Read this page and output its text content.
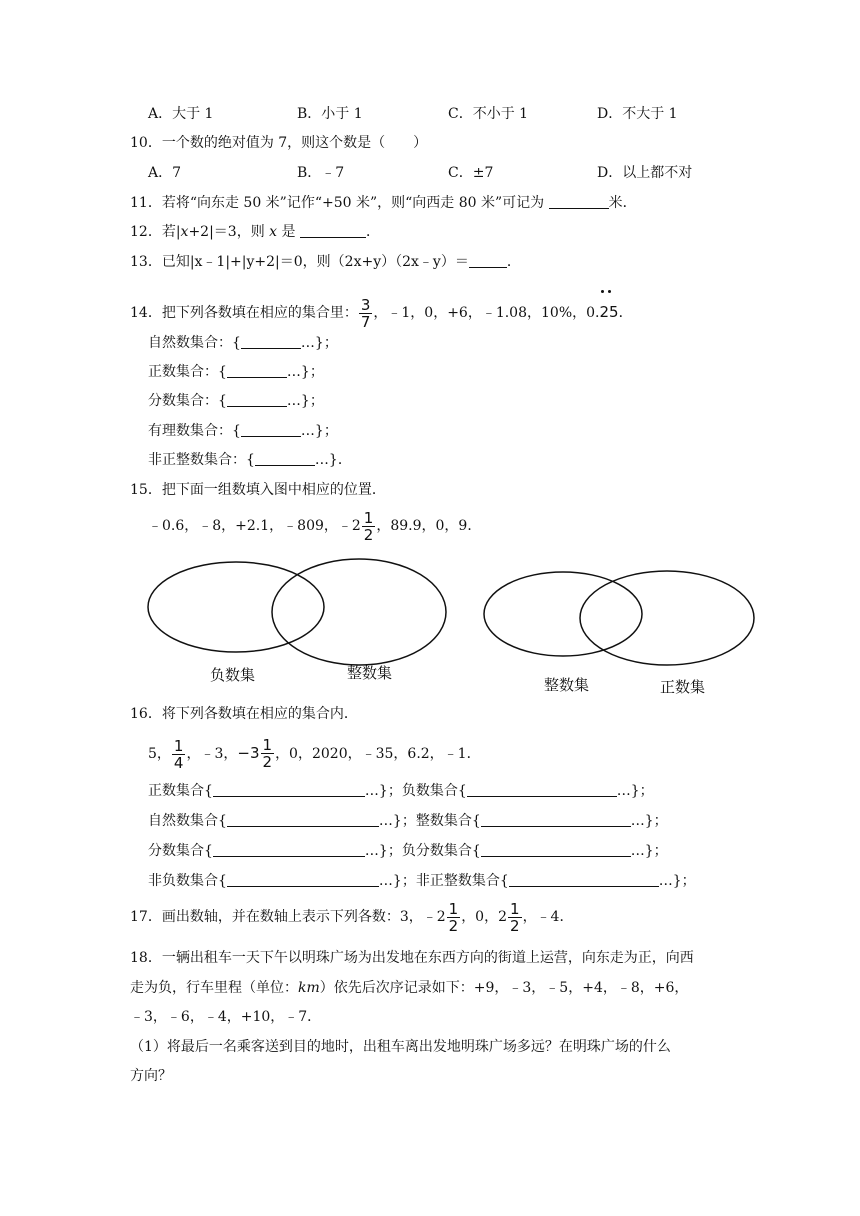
A．大于 1	B．小于 1	C．不小于 1	D．不大于 1
10．一个数的绝对值为 7，则这个数是（　　）
A．7	B．﹣7	C．±7	D．以上都不对
11．若将“向东走 50 米”记作“+50 米”，则“向西走 80 米”可记为	米．
12．若|x+2|＝3，则 x 是	．
13．已知|x﹣1|+|y+2|＝0，则（2x+y）（2x﹣y）＝	．
14．把下列各数填在相应的集合里： $\frac{3}{7}$ ，﹣1，0，+6，﹣1.08，10%，0.
25．
自然数集合：{	…}；
正数集合：{	…}；
分数集合：{	…}；
有理数集合：{	…}；
非正整数集合：{	…}．
15．把下面一组数填入图中相应的位置．
﹣0.6，﹣8，+2.1，﹣809，﹣2 $\frac{1}{2}$ ，89.9，0，9．
负数集	整数集
整数集	正数集
16．将下列各数填在相应的集合内．
5， $\frac{1}{4}$ ，﹣3， $-3 \frac{1}{2}$ ，0，2020，﹣35，6.2，﹣1．
正数集合{	…}；负数集合{	…}；
自然数集合{	…}；整数集合{	…}；
分数集合{	…}；负分数集合{	…}；
非负数集合{	…}；非正整数集合{	…}；
17．画出数轴，并在数轴上表示下列各数：3，﹣2 $\frac{1}{2}$ ，0，$2 \frac{1}{2}$ ，﹣4．
18．一辆出租车一天下午以明珠广场为出发地在东西方向的街道上运营，向东走为正，向西
走为负，行车里程（单位：km）依先后次序记录如下：+9，﹣3，﹣5，+4，﹣8，+6，
﹣3，﹣6，﹣4，+10，﹣7．
（1）将最后一名乘客送到目的地时，出租车离出发地明珠广场多远？在明珠广场的什么
方向？
